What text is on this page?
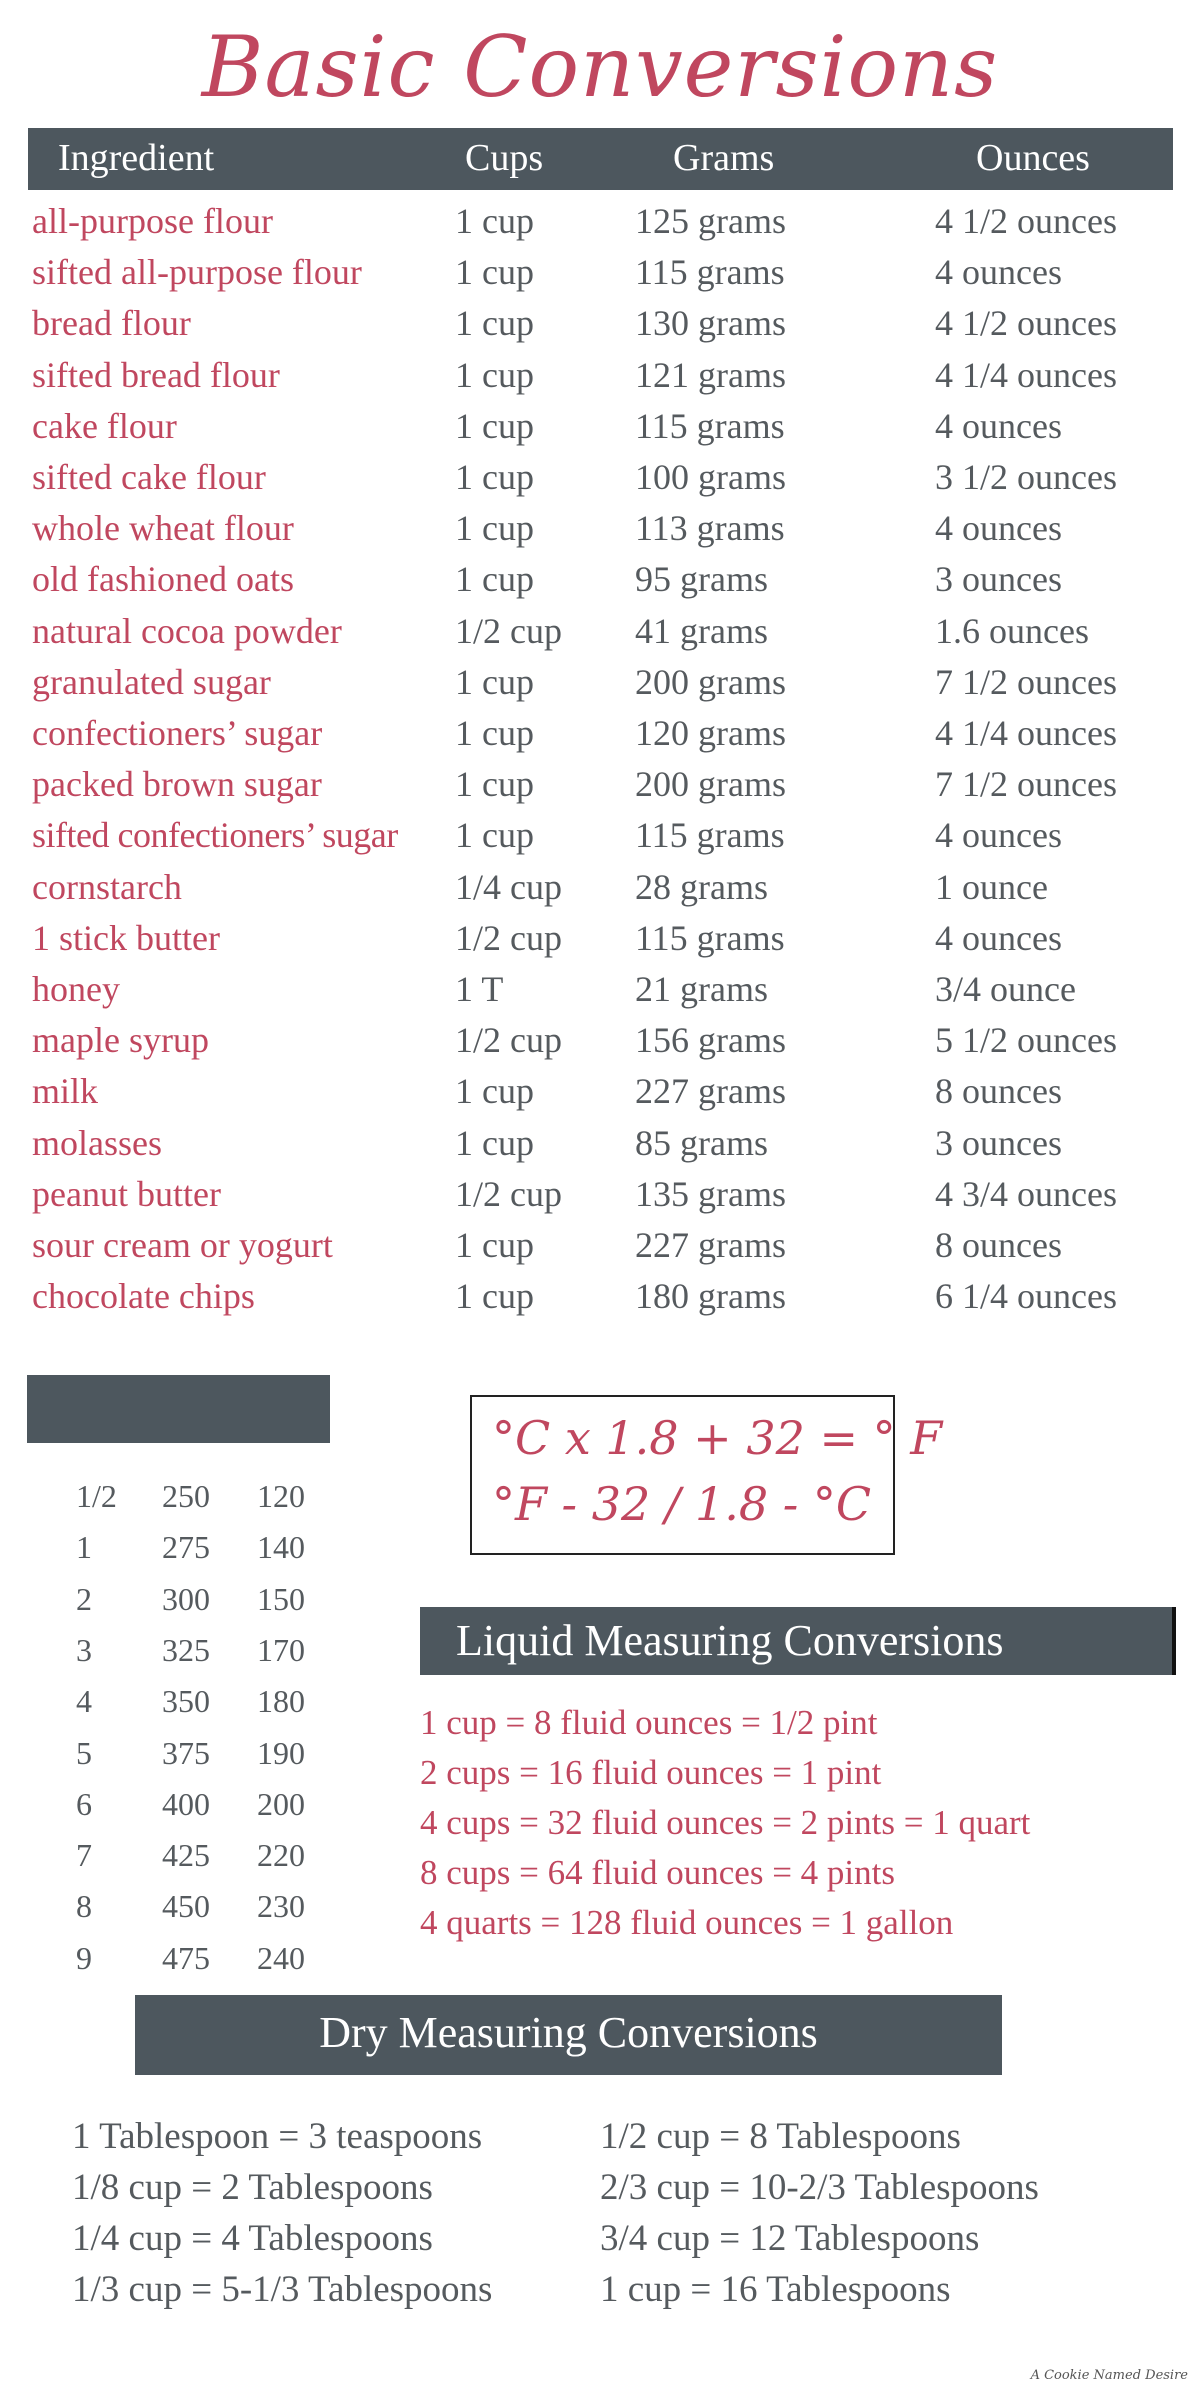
Basic Conversions
Ingredient	Cups	Grams	Ounces
all-purpose flour	1 cup	125 grams	4 1/2 ounces
sifted all-purpose flour	1 cup	115 grams	4 ounces
bread flour	1 cup	130 grams	4 1/2 ounces
sifted bread flour	1 cup	121 grams	4 1/4 ounces
cake flour	1 cup	115 grams	4 ounces
sifted cake flour	1 cup	100 grams	3 1/2 ounces
whole wheat flour	1 cup	113 grams	4 ounces
old fashioned oats	1 cup	95 grams	3 ounces
natural cocoa powder	1/2 cup 41 grams	1.6 ounces
granulated sugar	1 cup	200 grams	7 1/2 ounces
confectioners’ sugar	1 cup	120 grams	4 1/4 ounces
packed brown sugar	1 cup	200 grams	7 1/2 ounces
sifted confectioners’ sugar 1 cup	115 grams	4 ounces
cornstarch	1/4 cup 28 grams	1 ounce
1 stick butter	1/2 cup 115 grams	4 ounces
honey	1 T	21 grams	3/4 ounce
maple syrup	1/2 cup 156 grams	5 1/2 ounces
milk	1 cup	227 grams	8 ounces
molasses	1 cup	85 grams	3 ounces
peanut butter	1/2 cup 135 grams	4 3/4 ounces
sour cream or yogurt	1 cup	227 grams	8 ounces
chocolate chips	1 cup	180 grams	6 1/4 ounces
1/2 250 120
1 275 140
2 300 150
3 325 170
4 350 180
5 375 190
6 400 200
7 425 220
8 450 230
9 475 240
°C x 1.8 + 32 = ° F
°F - 32 / 1.8 - °C
Liquid Measuring Conversions
1 cup = 8 fluid ounces = 1/2 pint
2 cups = 16 fluid ounces = 1 pint
4 cups = 32 fluid ounces = 2 pints = 1 quart
8 cups = 64 fluid ounces = 4 pints
4 quarts = 128 fluid ounces = 1 gallon
Dry Measuring Conversions
1 Tablespoon = 3 teaspoons
1/8 cup = 2 Tablespoons
1/4 cup = 4 Tablespoons
1/3 cup = 5-1/3 Tablespoons
1/2 cup = 8 Tablespoons
2/3 cup = 10-2/3 Tablespoons
3/4 cup = 12 Tablespoons
1 cup = 16 Tablespoons
A Cookie Named Desire
